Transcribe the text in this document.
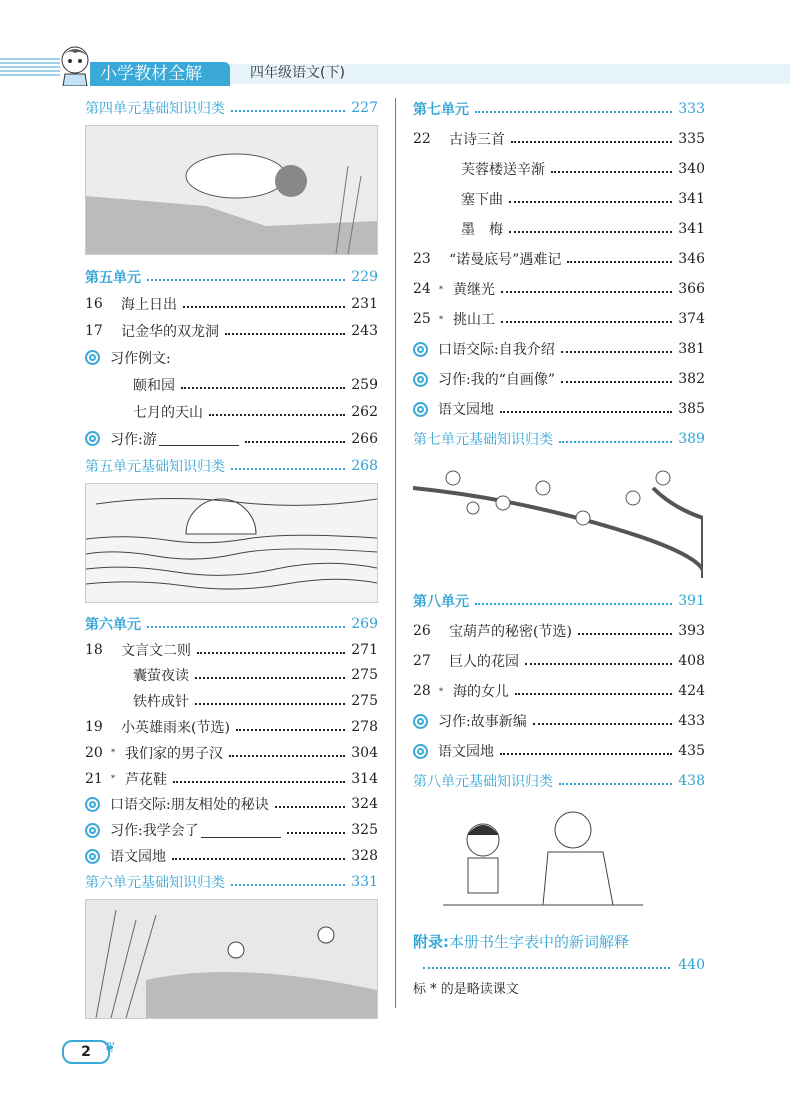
小学教材全解	四年级语文(下)
第四单元基础知识归类	227
第五单元	229
16	海上日出	231
17	记金华的双龙洞	243
习作例文:
颐和园	259
七月的天山	262
习作:游	266
第五单元基础知识归类	268
第六单元	269
18	文言文二则	271
囊萤夜读	275
铁杵成针	275
19	小英雄雨来(节选)	278
20	* 我们家的男子汉	304
21	* 芦花鞋	314
口语交际:朋友相处的秘诀	324
习作:我学会了	325
语文园地	328
第六单元基础知识归类	331
第七单元	333
22	古诗三首	335
芙蓉楼送辛渐	340
塞下曲	341
墨　梅	341
23	“诺曼底号”遇难记	346
24	* 黄继光	366
25	* 挑山工	374
口语交际:自我介绍	381
习作:我的“自画像”	382
语文园地	385
第七单元基础知识归类	389
第八单元	391
26	宝葫芦的秘密(节选)	393
27	巨人的花园	408
28	* 海的女儿	424
习作:故事新编	433
语文园地	435
第八单元基础知识归类	438
附录:本册书生字表中的新词解释
440
标 * 的是略读课文
2 ❦
